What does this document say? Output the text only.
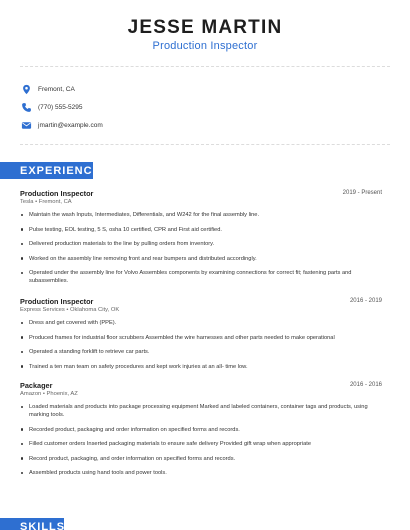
JESSE MARTIN
Production Inspector
Fremont, CA
(770) 555-5295
jmartin@example.com
EXPERIENCE
Production Inspector	2019 - Present
Tesla • Fremont, CA
Maintain the wash Inputs, Intermediates, Differentials, and W242 for the final assembly line.
Pulse testing, EOL testing, 5 S, osha 10 certified, CPR and First aid certified.
Delivered production materials to the line by pulling orders from inventory.
Worked on the assembly line removing front and rear bumpers and distributed accordingly.
Operated under the assembly line for Volvo Assembles components by examining connections for correct fit; fastening parts and subassemblies.
Production Inspector	2016 - 2019
Express Services • Oklahoma City, OK
Dress and get covered with (PPE).
Produced frames for industrial floor scrubbers Assembled the wire harnesses and other parts needed to make operational
Operated a standing forklift to retrieve car parts.
Trained a ten man team on safety procedures and kept work injuries at an all- time low.
Packager	2016 - 2016
Amazon • Phoenix, AZ
Loaded materials and products into package processing equipment Marked and labeled containers, container tags and products, using marking tools.
Recorded product, packaging and order information on specified forms and records.
Filled customer orders Inserted packaging materials to ensure safe delivery Provided gift wrap when appropriate
Record product, packaging, and order information on specified forms and records.
Assembled products using hand tools and power tools.
SKILLS
